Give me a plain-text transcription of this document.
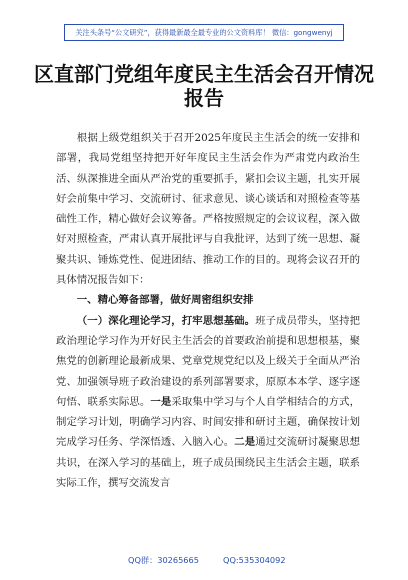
关注头条号“公文研究”，获得最新最全最专业的公文资料库！ 微信：gongwenyj
区直部门党组年度民主生活会召开情况报告

根据上级党组织关于召开2025年度民主生活会的统一安排和部署，我局党组坚持把开好年度民主生活会作为严肃党内政治生活、纵深推进全面从严治党的重要抓手，紧扣会议主题，扎实开展好会前集中学习、交流研讨、征求意见、谈心谈话和对照检查等基础性工作，精心做好会议筹备。严格按照规定的会议议程，深入做好对照检查，严肃认真开展批评与自我批评，达到了统一思想、凝聚共识、锤炼党性、促进团结、推动工作的目的。现将会议召开的具体情况报告如下：

一、精心筹备部署，做好周密组织安排

（一）深化理论学习，打牢思想基础。班子成员带头，坚持把政治理论学习作为开好民主生活会的首要政治前提和思想根基，聚焦党的创新理论最新成果、党章党规党纪以及上级关于全面从严治党、加强领导班子政治建设的系列部署要求，原原本本学、逐字逐句悟、联系实际思。一是采取集中学习与个人自学相结合的方式，制定学习计划，明确学习内容、时间安排和研讨主题，确保按计划完成学习任务、学深悟透、入脑入心。二是通过交流研讨凝聚思想共识，在深入学习的基础上，班子成员围绕民主生活会主题，联系实际工作，撰写交流发言

QQ群：30265665	QQ:535304092
